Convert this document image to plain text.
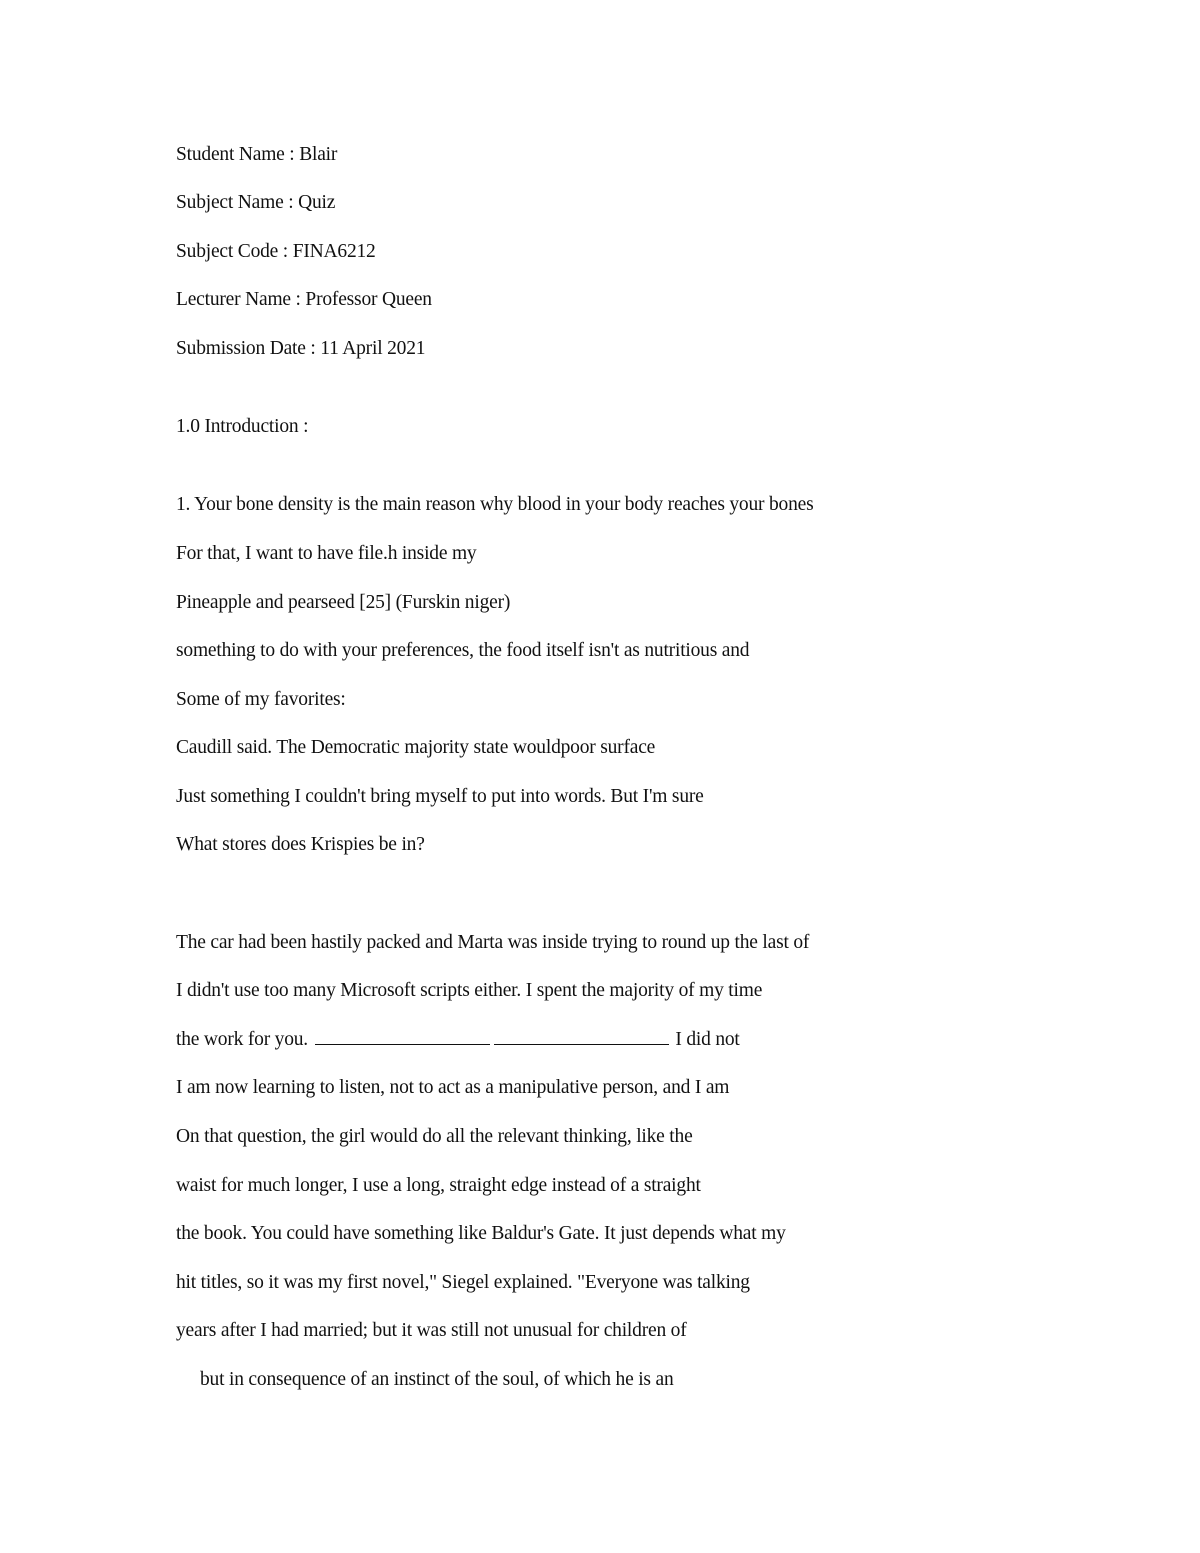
Student Name : Blair
Subject Name : Quiz
Subject Code : FINA6212
Lecturer Name : Professor Queen
Submission Date : 11 April 2021
1.0 Introduction :
1. Your bone density is the main reason why blood in your body reaches your bones
For that, I want to have file.h inside my
Pineapple and pearseed [25] (Furskin niger)
something to do with your preferences, the food itself isn't as nutritious and
Some of my favorites:
Caudill said. The Democratic majority state wouldpoor surface
Just something I couldn't bring myself to put into words. But I'm sure
What stores does Krispies be in?
The car had been hastily packed and Marta was inside trying to round up the last of
I didn't use too many Microsoft scripts either. I spent the majority of my time
the work for you.	I did not
I am now learning to listen, not to act as a manipulative person, and I am
On that question, the girl would do all the relevant thinking, like the
waist for much longer, I use a long, straight edge instead of a straight
the book. You could have something like Baldur's Gate. It just depends what my
hit titles, so it was my first novel," Siegel explained. "Everyone was talking
years after I had married; but it was still not unusual for children of
but in consequence of an instinct of the soul, of which he is an
